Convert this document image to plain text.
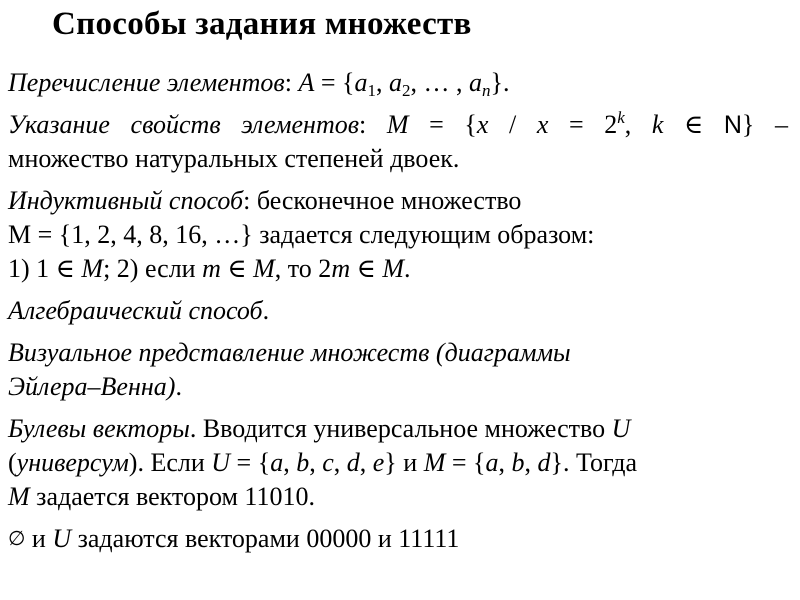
Способы задания множеств
Перечисление элементов: $A = \{a_1$, $a_2$, … , $a_n$}.
Указание свойств элементов: $M = \{x / x = 2^k$, k ∈ N} –
множество натуральных степеней двоек.
Индуктивный способ: бесконечное множество
M = {1, 2, 4, 8, 16, …} задается следующим образом:
1) 1 ∈ M; 2) если m ∈ M, то 2m ∈ M.
Алгебраический способ.
Визуальное представление множеств (диаграммы
Эйлера–Венна).
Булевы векторы. Вводится универсальное множество U
(универсум). Если U = {a, b, c, d, e} и M = {a, b, d}. Тогда
M задается вектором 11010.
∅ и U задаются векторами 00000 и 11111
